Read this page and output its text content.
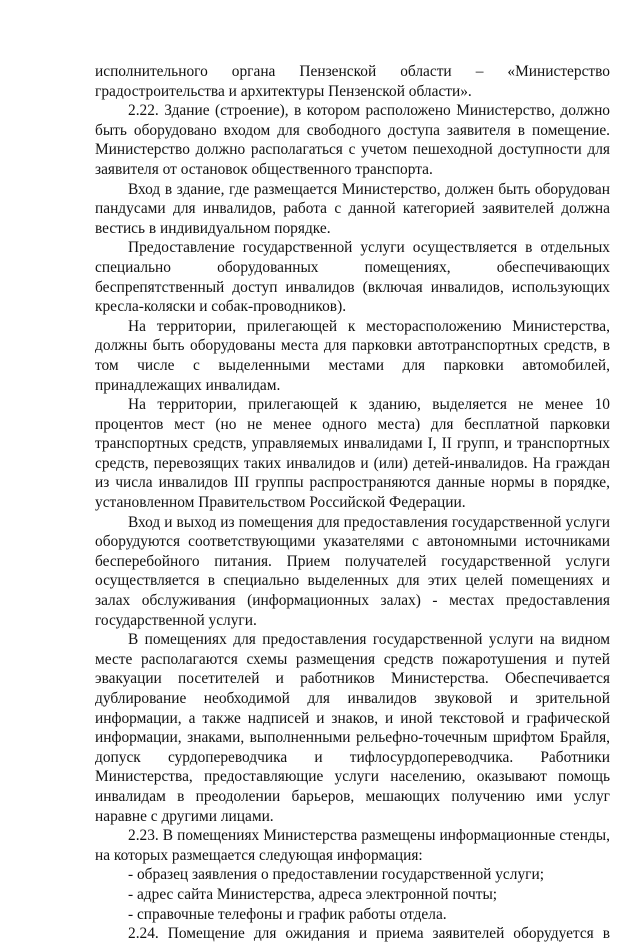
исполнительного органа Пензенской области – «Министерство градостроительства и архитектуры Пензенской области».

2.22. Здание (строение), в котором расположено Министерство, должно быть оборудовано входом для свободного доступа заявителя в помещение. Министерство должно располагаться с учетом пешеходной доступности для заявителя от остановок общественного транспорта.

Вход в здание, где размещается Министерство, должен быть оборудован пандусами для инвалидов, работа с данной категорией заявителей должна вестись в индивидуальном порядке.

Предоставление государственной услуги осуществляется в отдельных специально оборудованных помещениях, обеспечивающих беспрепятственный доступ инвалидов (включая инвалидов, использующих кресла-коляски и собак-проводников).

На территории, прилегающей к месторасположению Министерства, должны быть оборудованы места для парковки автотранспортных средств, в том числе с выделенными местами для парковки автомобилей, принадлежащих инвалидам.

На территории, прилегающей к зданию, выделяется не менее 10 процентов мест (но не менее одного места) для бесплатной парковки транспортных средств, управляемых инвалидами I, II групп, и транспортных средств, перевозящих таких инвалидов и (или) детей-инвалидов. На граждан из числа инвалидов III группы распространяются данные нормы в порядке, установленном Правительством Российской Федерации.

Вход и выход из помещения для предоставления государственной услуги оборудуются соответствующими указателями с автономными источниками бесперебойного питания. Прием получателей государственной услуги осуществляется в специально выделенных для этих целей помещениях и залах обслуживания (информационных залах) - местах предоставления государственной услуги.

В помещениях для предоставления государственной услуги на видном месте располагаются схемы размещения средств пожаротушения и путей эвакуации посетителей и работников Министерства. Обеспечивается дублирование необходимой для инвалидов звуковой и зрительной информации, а также надписей и знаков, и иной текстовой и графической информации, знаками, выполненными рельефно-точечным шрифтом Брайля, допуск сурдопереводчика и тифлосурдопереводчика. Работники Министерства, предоставляющие услуги населению, оказывают помощь инвалидам в преодолении барьеров, мешающих получению ими услуг наравне с другими лицами.

2.23. В помещениях Министерства размещены информационные стенды, на которых размещается следующая информация:

- образец заявления о предоставлении государственной услуги;

- адрес сайта Министерства, адреса электронной почты;

- справочные телефоны и график работы отдела.

2.24. Помещение для ожидания и приема заявителей оборудуется в
